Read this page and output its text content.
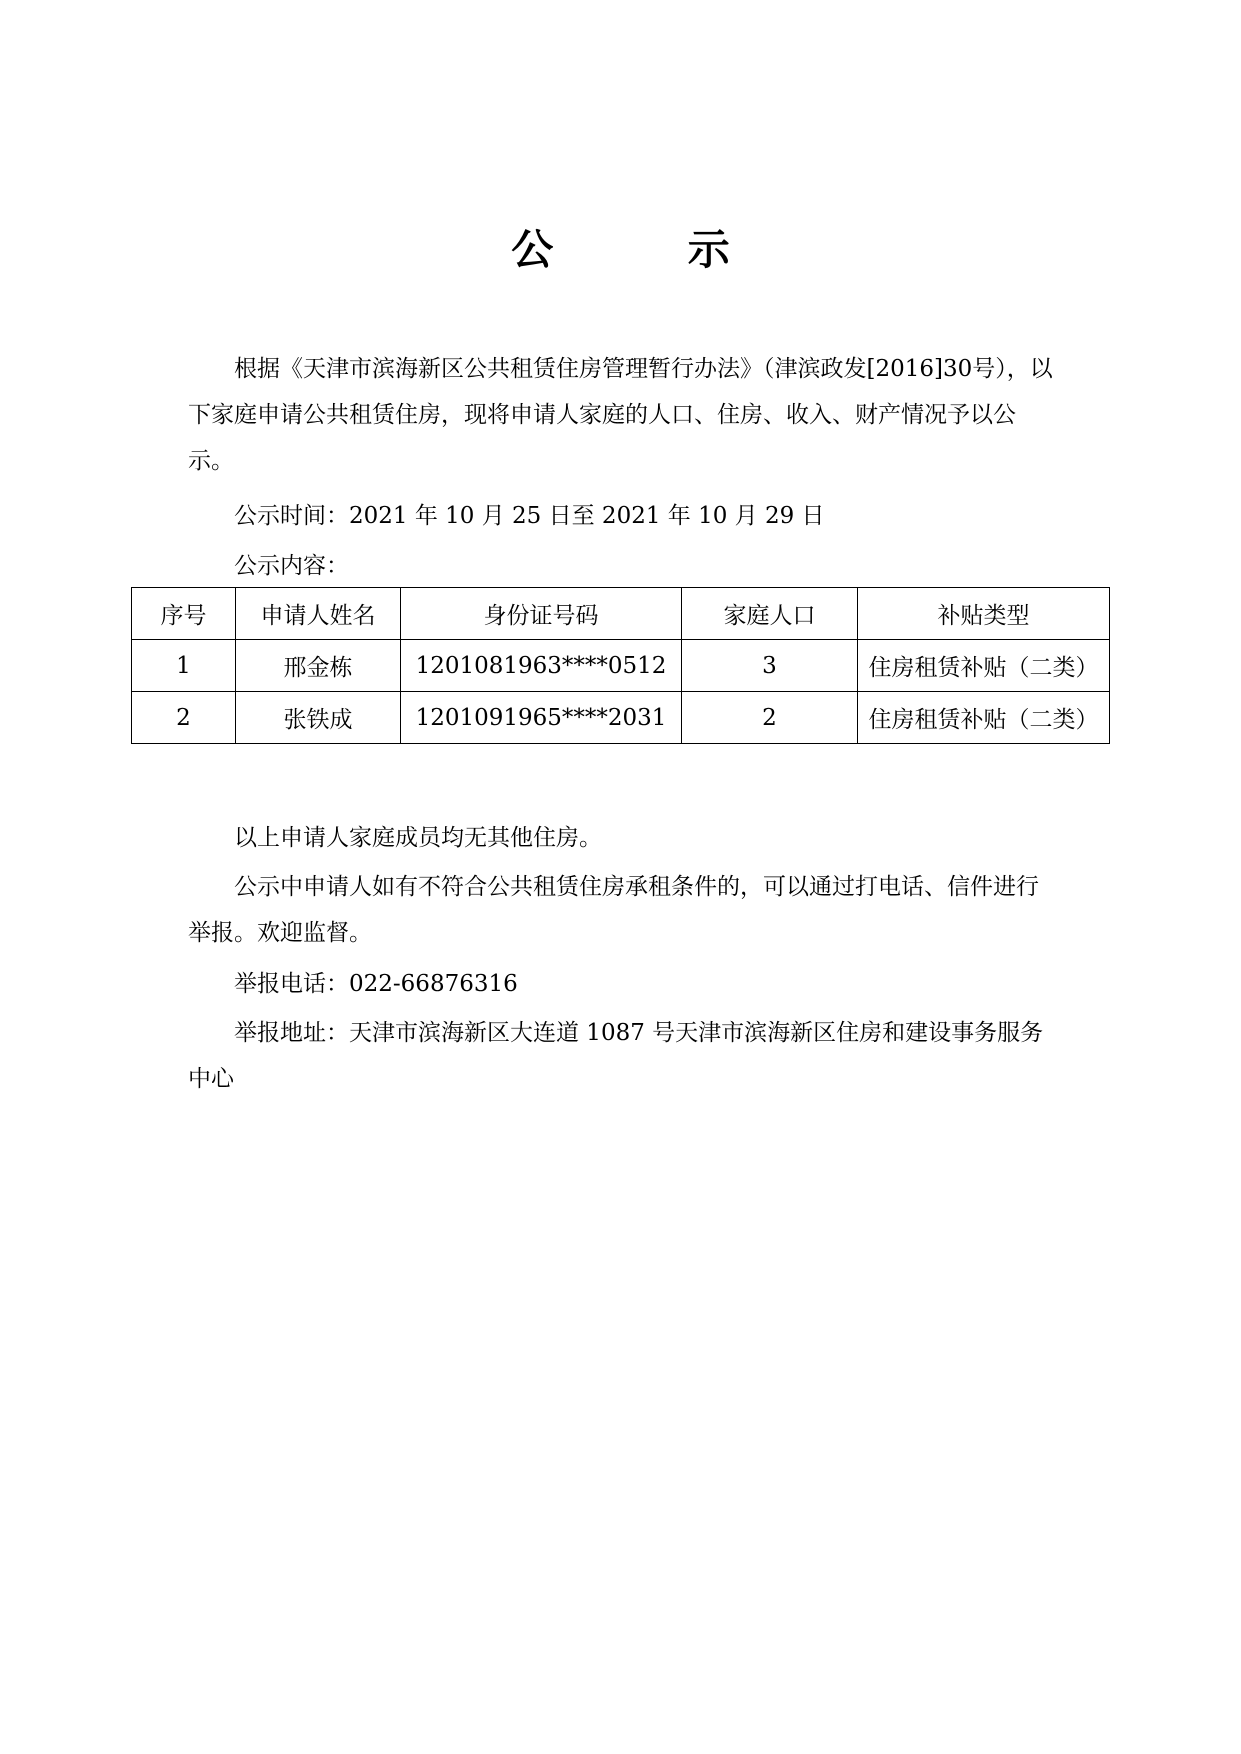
公 示

根据《天津市滨海新区公共租赁住房管理暂行办法》（津滨政发[2016]30号），以下家庭申请公共租赁住房，现将申请人家庭的人口、住房、收入、财产情况予以公示。

公示时间：2021 年 10 月 25 日至 2021 年 10 月 29 日

公示内容：

序号	申请人姓名	身份证号码	家庭人口	补贴类型
1	邢金栋	1201081963****0512	3	住房租赁补贴（二类）
2	张铁成	1201091965****2031	2	住房租赁补贴（二类）

以上申请人家庭成员均无其他住房。

公示中申请人如有不符合公共租赁住房承租条件的，可以通过打电话、信件进行举报。欢迎监督。

举报电话：022-66876316

举报地址：天津市滨海新区大连道 1087 号天津市滨海新区住房和建设事务服务中心
